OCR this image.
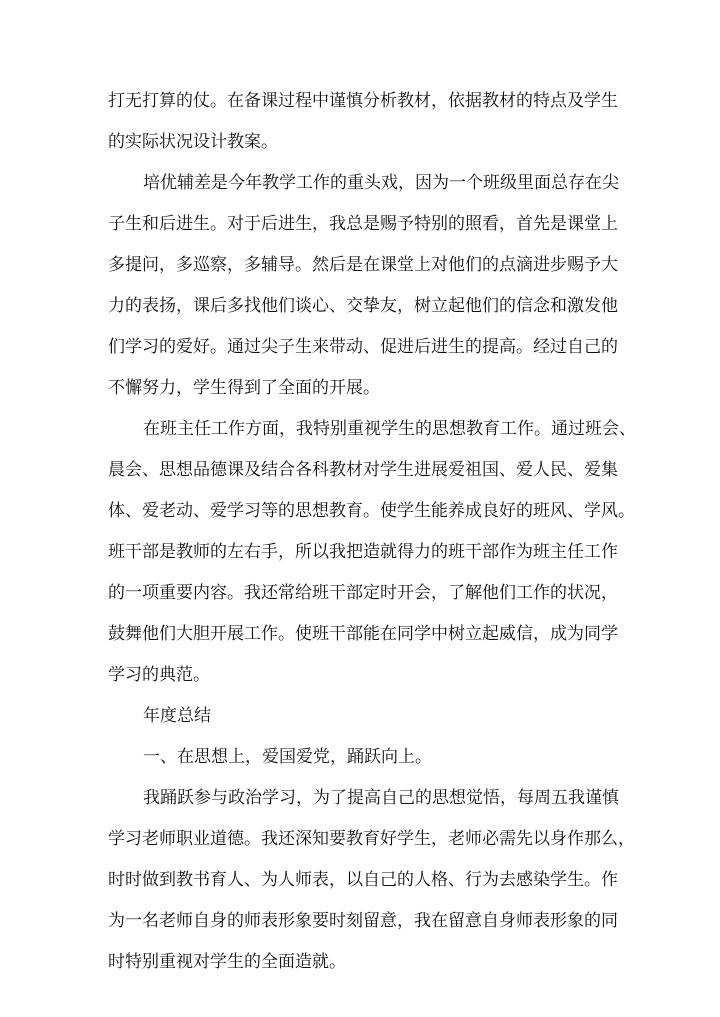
打无打算的仗。在备课过程中谨慎分析教材，依据教材的特点及学生
的实际状况设计教案。
培优辅差是今年教学工作的重头戏，因为一个班级里面总存在尖
子生和后进生。对于后进生，我总是赐予特别的照看，首先是课堂上
多提问，多巡察，多辅导。然后是在课堂上对他们的点滴进步赐予大
力的表扬，课后多找他们谈心、交挚友，树立起他们的信念和激发他
们学习的爱好。通过尖子生来带动、促进后进生的提高。经过自己的
不懈努力，学生得到了全面的开展。
在班主任工作方面，我特别重视学生的思想教育工作。通过班会、
晨会、思想品德课及结合各科教材对学生进展爱祖国、爱人民、爱集
体、爱老动、爱学习等的思想教育。使学生能养成良好的班风、学风。
班干部是教师的左右手，所以我把造就得力的班干部作为班主任工作
的一项重要内容。我还常给班干部定时开会，了解他们工作的状况，
鼓舞他们大胆开展工作。使班干部能在同学中树立起威信，成为同学
学习的典范。
年度总结
一、在思想上，爱国爱党，踊跃向上。
我踊跃参与政治学习，为了提高自己的思想觉悟，每周五我谨慎
学习老师职业道德。我还深知要教育好学生，老师必需先以身作那么，
时时做到教书育人、为人师表，以自己的人格、行为去感染学生。作
为一名老师自身的师表形象要时刻留意，我在留意自身师表形象的同
时特别重视对学生的全面造就。
